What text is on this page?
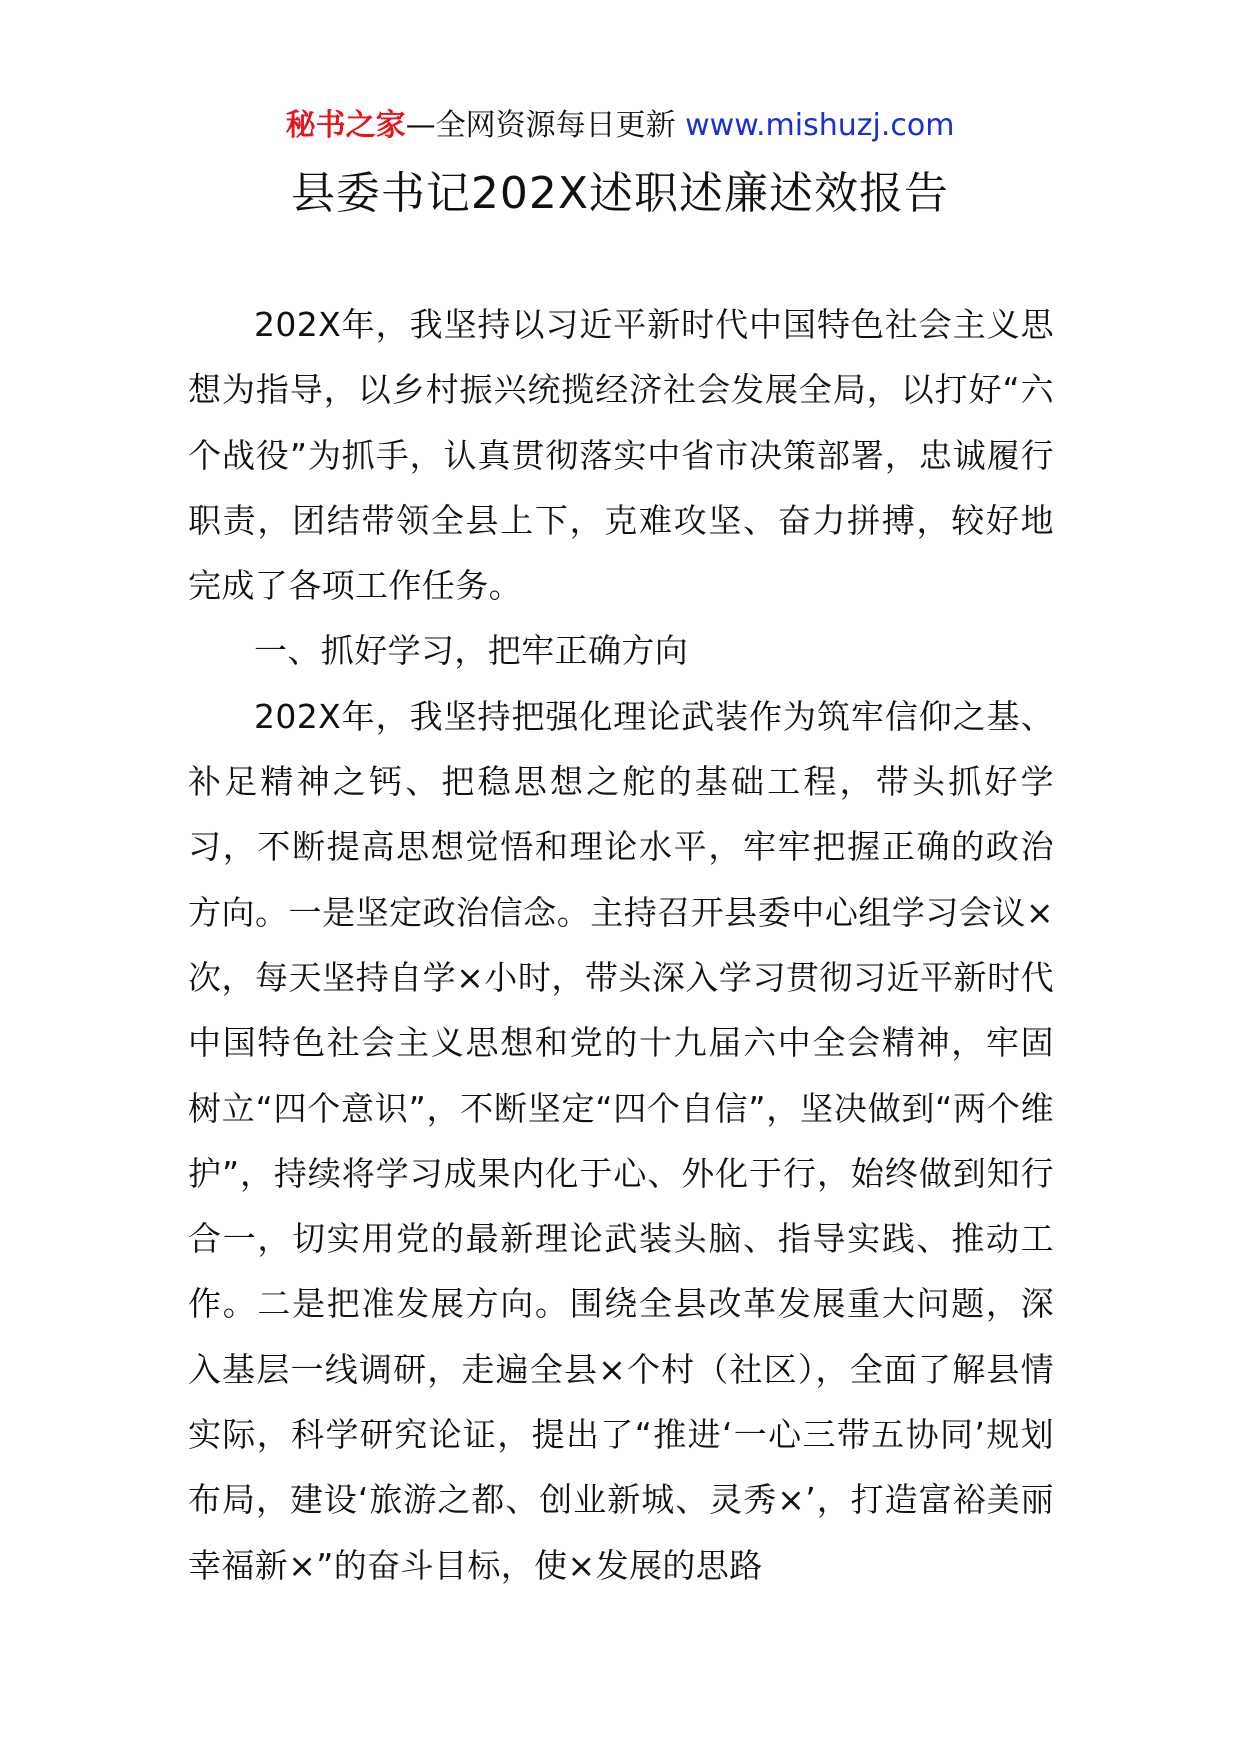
秘书之家—全网资源每日更新 www.mishuzj.com
县委书记202X述职述廉述效报告

202X年，我坚持以习近平新时代中国特色社会主义思想为指导，以乡村振兴统揽经济社会发展全局，以打好“六个战役”为抓手，认真贯彻落实中省市决策部署，忠诚履行职责，团结带领全县上下，克难攻坚、奋力拼搏，较好地完成了各项工作任务。

一、抓好学习，把牢正确方向

202X年，我坚持把强化理论武装作为筑牢信仰之基、补足精神之钙、把稳思想之舵的基础工程，带头抓好学习，不断提高思想觉悟和理论水平，牢牢把握正确的政治方向。一是坚定政治信念。主持召开县委中心组学习会议×次，每天坚持自学×小时，带头深入学习贯彻习近平新时代中国特色社会主义思想和党的十九届六中全会精神，牢固树立“四个意识”，不断坚定“四个自信”，坚决做到“两个维护”，持续将学习成果内化于心、外化于行，始终做到知行合一，切实用党的最新理论武装头脑、指导实践、推动工作。二是把准发展方向。围绕全县改革发展重大问题，深入基层一线调研，走遍全县×个村（社区），全面了解县情实际，科学研究论证，提出了“推进‘一心三带五协同’规划布局，建设‘旅游之都、创业新城、灵秀×’，打造富裕美丽幸福新×”的奋斗目标，使×发展的思路
